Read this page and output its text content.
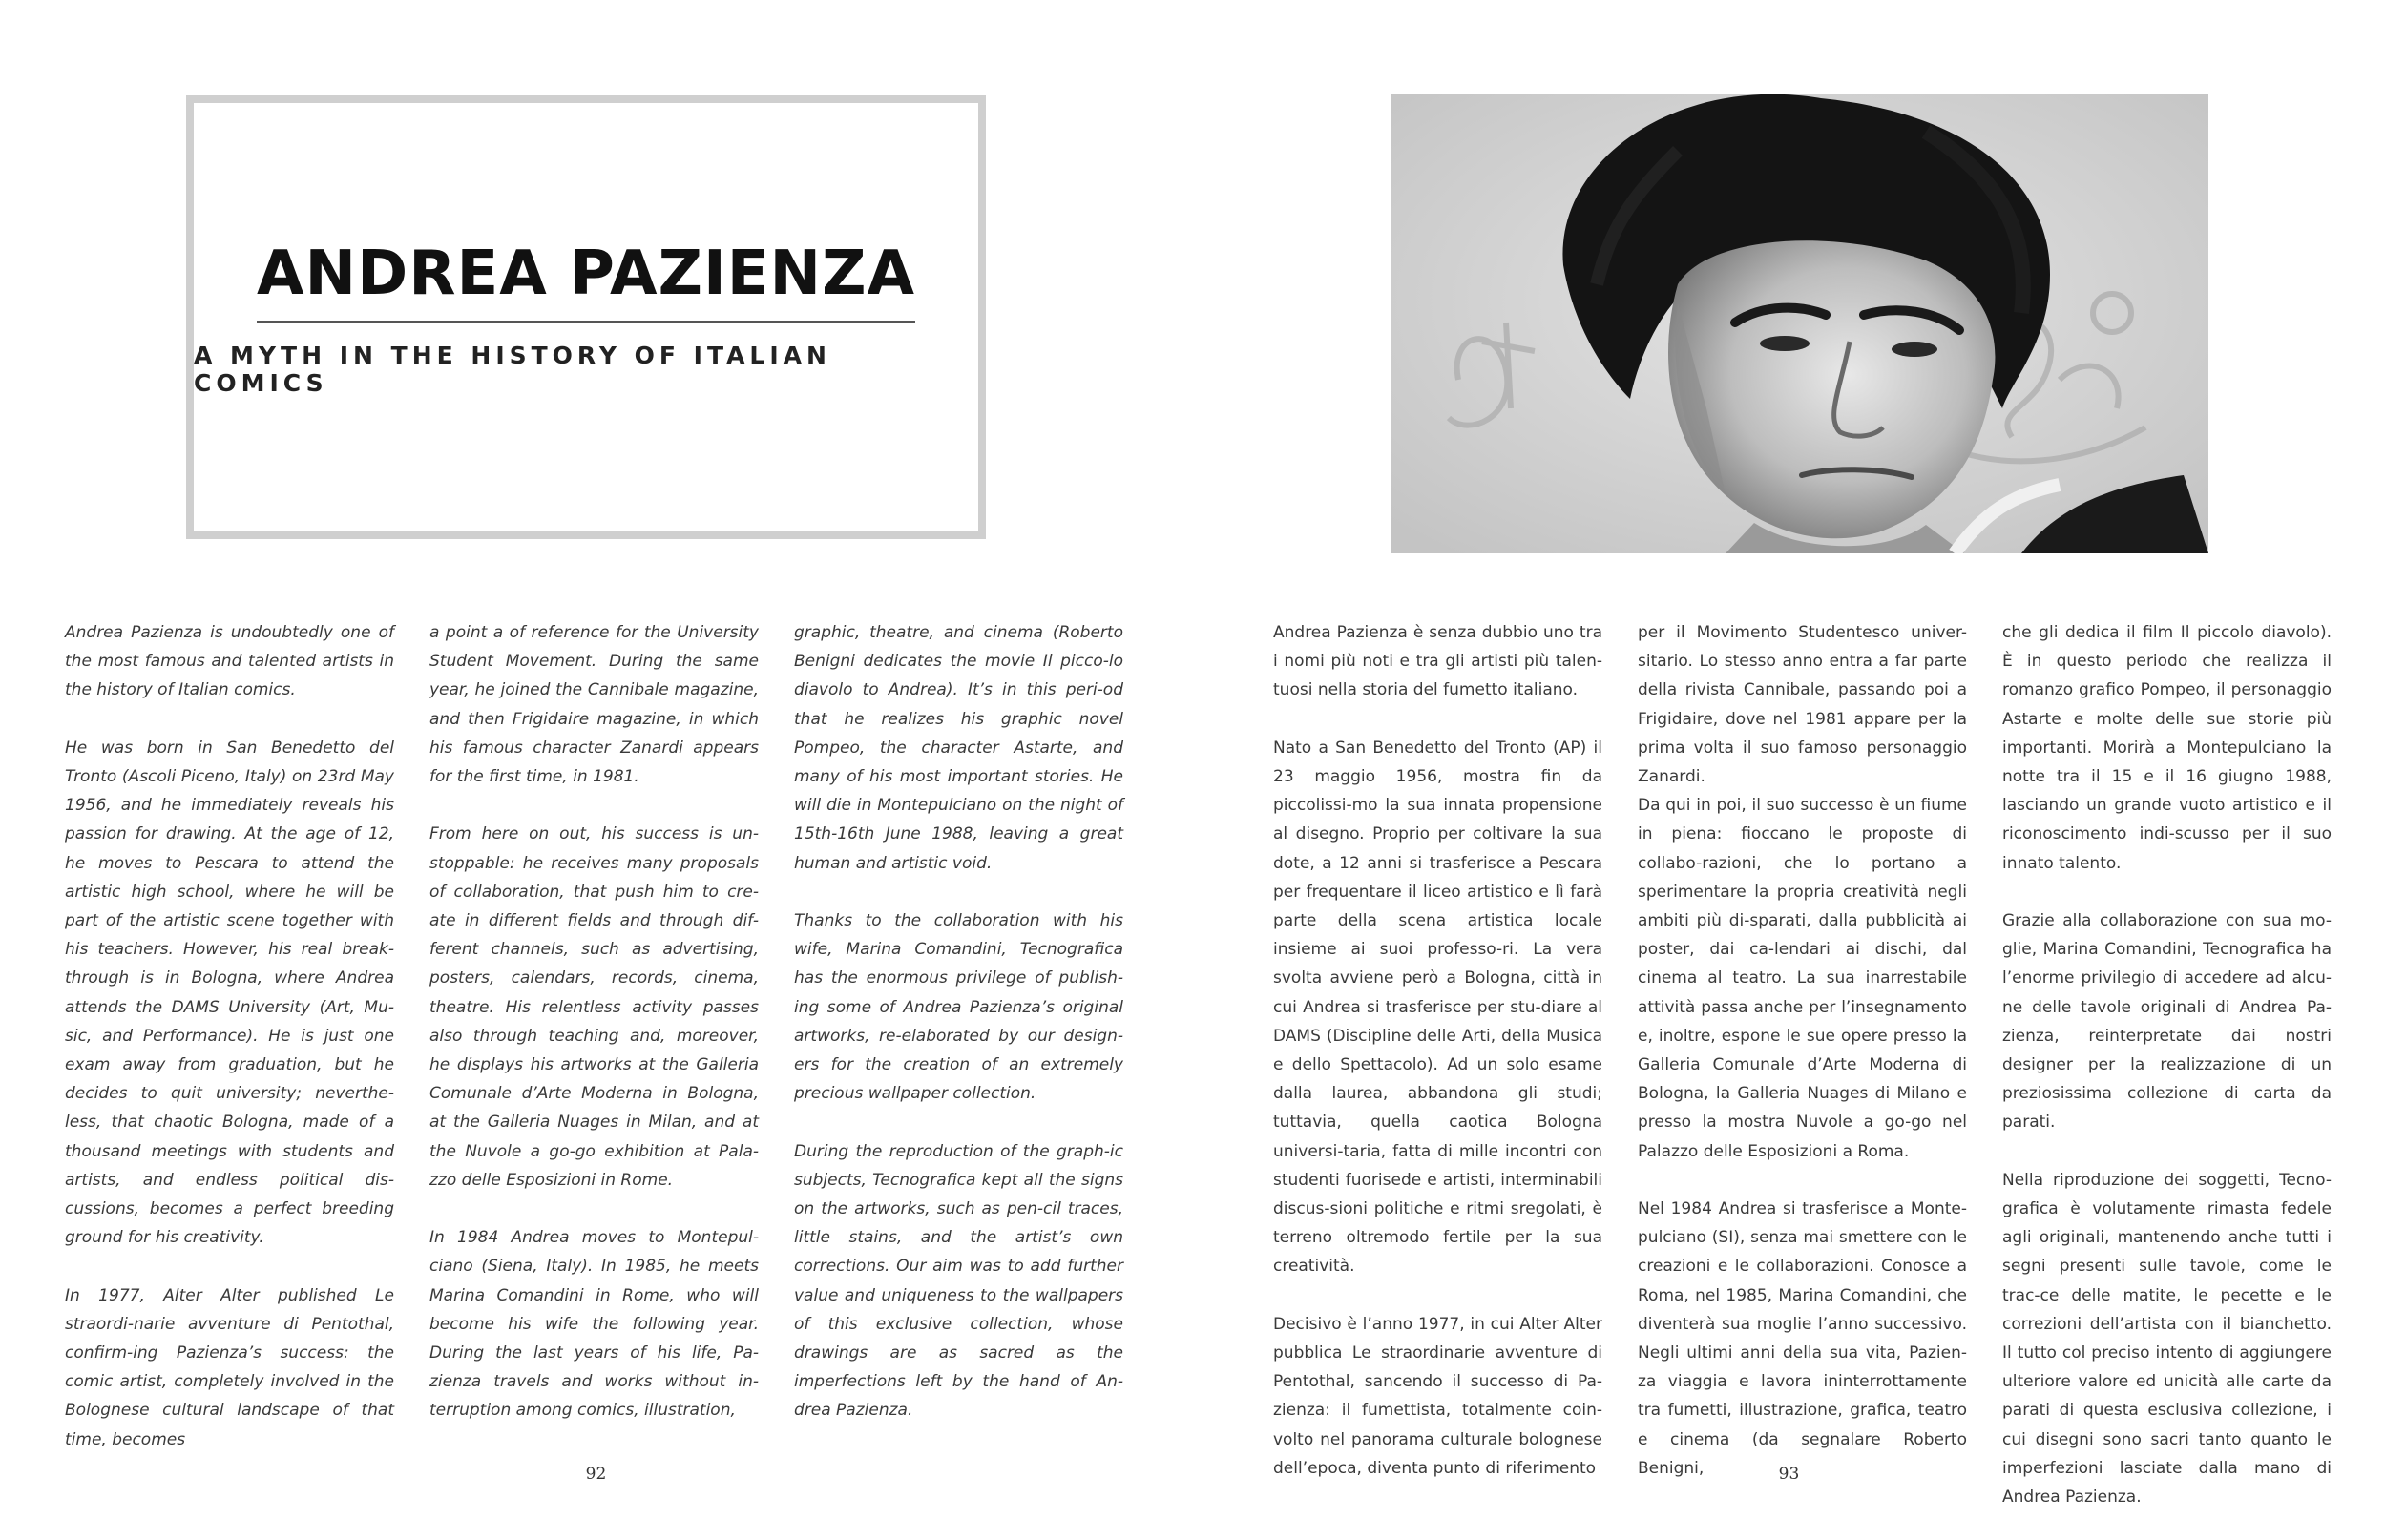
ANDREA PAZIENZA
A MYTH IN THE HISTORY OF ITALIAN COMICS

Andrea Pazienza is undoubtedly one of the most famous and talented artists in the history of Italian comics.

He was born in San Benedetto del Tronto (Ascoli Piceno, Italy) on 23rd May 1956, and he immediately reveals his passion for drawing. At the age of 12, he moves to Pescara to attend the artistic high school, where he will be part of the artistic scene together with his teachers. However, his real break-through is in Bologna, where Andrea attends the DAMS University (Art, Mu-sic, and Performance). He is just one exam away from graduation, but he decides to quit university; neverthe-less, that chaotic Bologna, made of a thousand meetings with students and artists, and endless political dis-cussions, becomes a perfect breeding ground for his creativity.

In 1977, Alter Alter published Le straordi-narie avventure di Pentothal, confirm-ing Pazienza’s success: the comic artist, completely involved in the Bolognese cultural landscape of that time, becomes

a point a of reference for the University Student Movement. During the same year, he joined the Cannibale magazine, and then Frigidaire magazine, in which his famous character Zanardi appears for the first time, in 1981.

From here on out, his success is un-stoppable: he receives many proposals of collaboration, that push him to cre-ate in different fields and through dif-ferent channels, such as advertising, posters, calendars, records, cinema, theatre. His relentless activity passes also through teaching and, moreover, he displays his artworks at the Galleria Comunale d’Arte Moderna in Bologna, at the Galleria Nuages in Milan, and at the Nuvole a go-go exhibition at Pala-zzo delle Esposizioni in Rome.

In 1984 Andrea moves to Montepul-ciano (Siena, Italy). In 1985, he meets Marina Comandini in Rome, who will become his wife the following year. During the last years of his life, Pa-zienza travels and works without in-terruption among comics, illustration,

graphic, theatre, and cinema (Roberto Benigni dedicates the movie Il picco-lo diavolo to Andrea). It’s in this peri-od that he realizes his graphic novel Pompeo, the character Astarte, and many of his most important stories. He will die in Montepulciano on the night of 15th-16th June 1988, leaving a great human and artistic void.

Thanks to the collaboration with his wife, Marina Comandini, Tecnografica has the enormous privilege of publish-ing some of Andrea Pazienza’s original artworks, re-elaborated by our design-ers for the creation of an extremely precious wallpaper collection.

During the reproduction of the graph-ic subjects, Tecnografica kept all the signs on the artworks, such as pen-cil traces, little stains, and the artist’s own corrections. Our aim was to add further value and uniqueness to the wallpapers of this exclusive collection, whose drawings are as sacred as the imperfections left by the hand of An-drea Pazienza.

92

Andrea Pazienza è senza dubbio uno tra i nomi più noti e tra gli artisti più talen-tuosi nella storia del fumetto italiano.

Nato a San Benedetto del Tronto (AP) il 23 maggio 1956, mostra fin da piccolissi-mo la sua innata propensione al disegno. Proprio per coltivare la sua dote, a 12 anni si trasferisce a Pescara per frequentare il liceo artistico e lì farà parte della scena artistica locale insieme ai suoi professo-ri. La vera svolta avviene però a Bologna, città in cui Andrea si trasferisce per stu-diare al DAMS (Discipline delle Arti, della Musica e dello Spettacolo). Ad un solo esame dalla laurea, abbandona gli studi; tuttavia, quella caotica Bologna universi-taria, fatta di mille incontri con studenti fuorisede e artisti, interminabili discus-sioni politiche e ritmi sregolati, è terreno oltremodo fertile per la sua creatività.

Decisivo è l’anno 1977, in cui Alter Alter pubblica Le straordinarie avventure di Pentothal, sancendo il successo di Pa-zienza: il fumettista, totalmente coin-volto nel panorama culturale bolognese dell’epoca, diventa punto di riferimento

per il Movimento Studentesco univer-sitario. Lo stesso anno entra a far parte della rivista Cannibale, passando poi a Frigidaire, dove nel 1981 appare per la prima volta il suo famoso personaggio Zanardi.

Da qui in poi, il suo successo è un fiume in piena: fioccano le proposte di collabo-razioni, che lo portano a sperimentare la propria creatività negli ambiti più di-sparati, dalla pubblicità ai poster, dai ca-lendari ai dischi, dal cinema al teatro. La sua inarrestabile attività passa anche per l’insegnamento e, inoltre, espone le sue opere presso la Galleria Comunale d’Arte Moderna di Bologna, la Galleria Nuages di Milano e presso la mostra Nuvole a go-go nel Palazzo delle Esposizioni a Roma.

Nel 1984 Andrea si trasferisce a Monte-pulciano (SI), senza mai smettere con le creazioni e le collaborazioni. Conosce a Roma, nel 1985, Marina Comandini, che diventerà sua moglie l’anno successivo. Negli ultimi anni della sua vita, Pazien-za viaggia e lavora ininterrottamente tra fumetti, illustrazione, grafica, teatro e cinema (da segnalare Roberto Benigni,

che gli dedica il film Il piccolo diavolo). È in questo periodo che realizza il romanzo grafico Pompeo, il personaggio Astarte e molte delle sue storie più importanti. Morirà a Montepulciano la notte tra il 15 e il 16 giugno 1988, lasciando un grande vuoto artistico e il riconoscimento indi-scusso per il suo innato talento.

Grazie alla collaborazione con sua mo-glie, Marina Comandini, Tecnografica ha l’enorme privilegio di accedere ad alcu-ne delle tavole originali di Andrea Pa-zienza, reinterpretate dai nostri designer per la realizzazione di un preziosissima collezione di carta da parati.

Nella riproduzione dei soggetti, Tecno-grafica è volutamente rimasta fedele agli originali, mantenendo anche tutti i segni presenti sulle tavole, come le trac-ce delle matite, le pecette e le correzioni dell’artista con il bianchetto. Il tutto col preciso intento di aggiungere ulteriore valore ed unicità alle carte da parati di questa esclusiva collezione, i cui disegni sono sacri tanto quanto le imperfezioni lasciate dalla mano di Andrea Pazienza.

93
